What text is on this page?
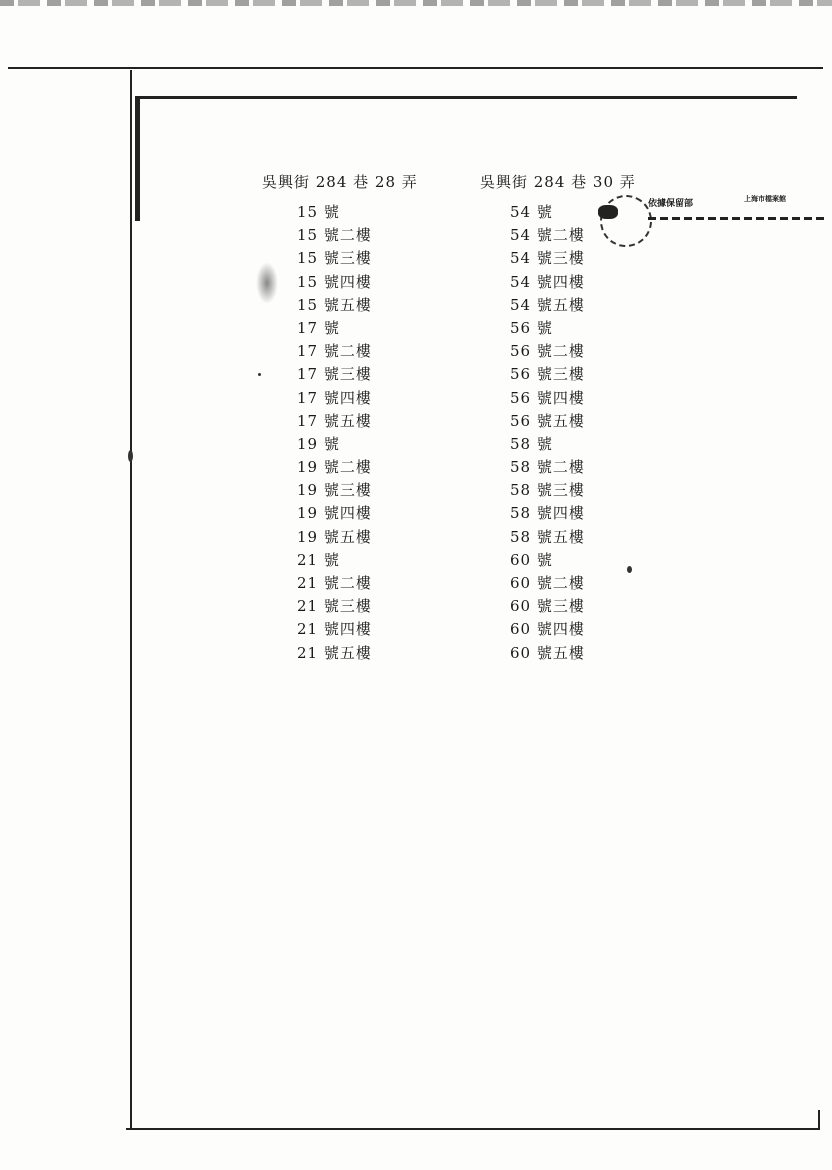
吳興街 284 巷 28 弄
15 號
15 號二樓
15 號三樓
15 號四樓
15 號五樓
17 號
17 號二樓
17 號三樓
17 號四樓
17 號五樓
19 號
19 號二樓
19 號三樓
19 號四樓
19 號五樓
21 號
21 號二樓
21 號三樓
21 號四樓
21 號五樓
吳興街 284 巷 30 弄
54 號
54 號二樓
54 號三樓
54 號四樓
54 號五樓
56 號
56 號二樓
56 號三樓
56 號四樓
56 號五樓
58 號
58 號二樓
58 號三樓
58 號四樓
58 號五樓
60 號
60 號二樓
60 號三樓
60 號四樓
60 號五樓
依據保留部
上海市檔案館
